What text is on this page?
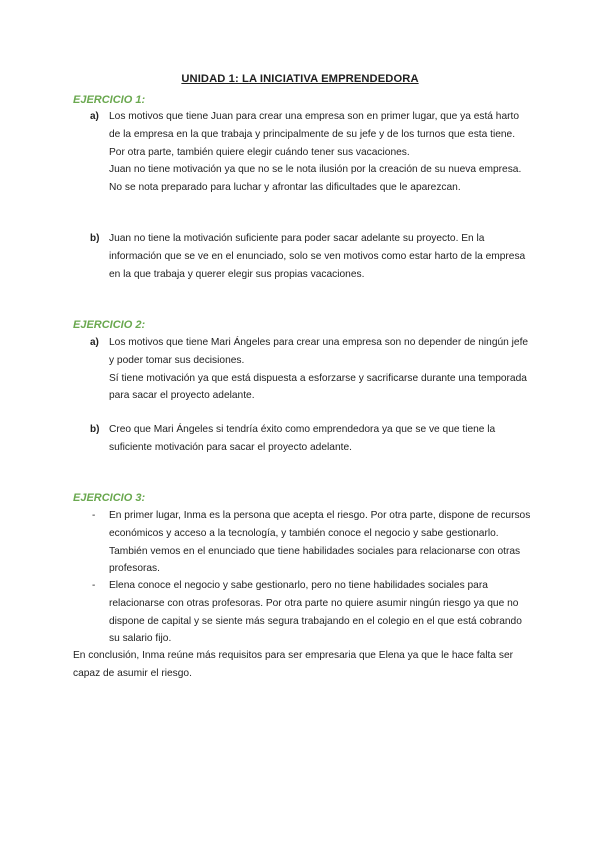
UNIDAD 1: LA INICIATIVA EMPRENDEDORA
EJERCICIO 1:
a) Los motivos que tiene Juan para crear una empresa son en primer lugar, que ya está harto de la empresa en la que trabaja y principalmente de su jefe y de los turnos que esta tiene. Por otra parte, también quiere elegir cuándo tener sus vacaciones.

Juan no tiene motivación ya que no se le nota ilusión por la creación de su nueva empresa. No se nota preparado para luchar y afrontar las dificultades que le aparezcan.

b) Juan no tiene la motivación suficiente para poder sacar adelante su proyecto. En la información que se ve en el enunciado, solo se ven motivos como estar harto de la empresa en la que trabaja y querer elegir sus propias vacaciones.

EJERCICIO 2:
a) Los motivos que tiene Mari Ángeles para crear una empresa son no depender de ningún jefe y poder tomar sus decisiones.

Sí tiene motivación ya que está dispuesta a esforzarse y sacrificarse durante una temporada para sacar el proyecto adelante.

b) Creo que Mari Ángeles si tendría éxito como emprendedora ya que se ve que tiene la suficiente motivación para sacar el proyecto adelante.

EJERCICIO 3:
-	En primer lugar, Inma es la persona que acepta el riesgo. Por otra parte, dispone de recursos económicos y acceso a la tecnología, y también conoce el negocio y sabe gestionarlo. También vemos en el enunciado que tiene habilidades sociales para relacionarse con otras profesoras.

-	Elena conoce el negocio y sabe gestionarlo, pero no tiene habilidades sociales para relacionarse con otras profesoras. Por otra parte no quiere asumir ningún riesgo ya que no dispone de capital y se siente más segura trabajando en el colegio en el que está cobrando su salario fijo.

En conclusión, Inma reúne más requisitos para ser empresaria que Elena ya que le hace falta ser capaz de asumir el riesgo.
